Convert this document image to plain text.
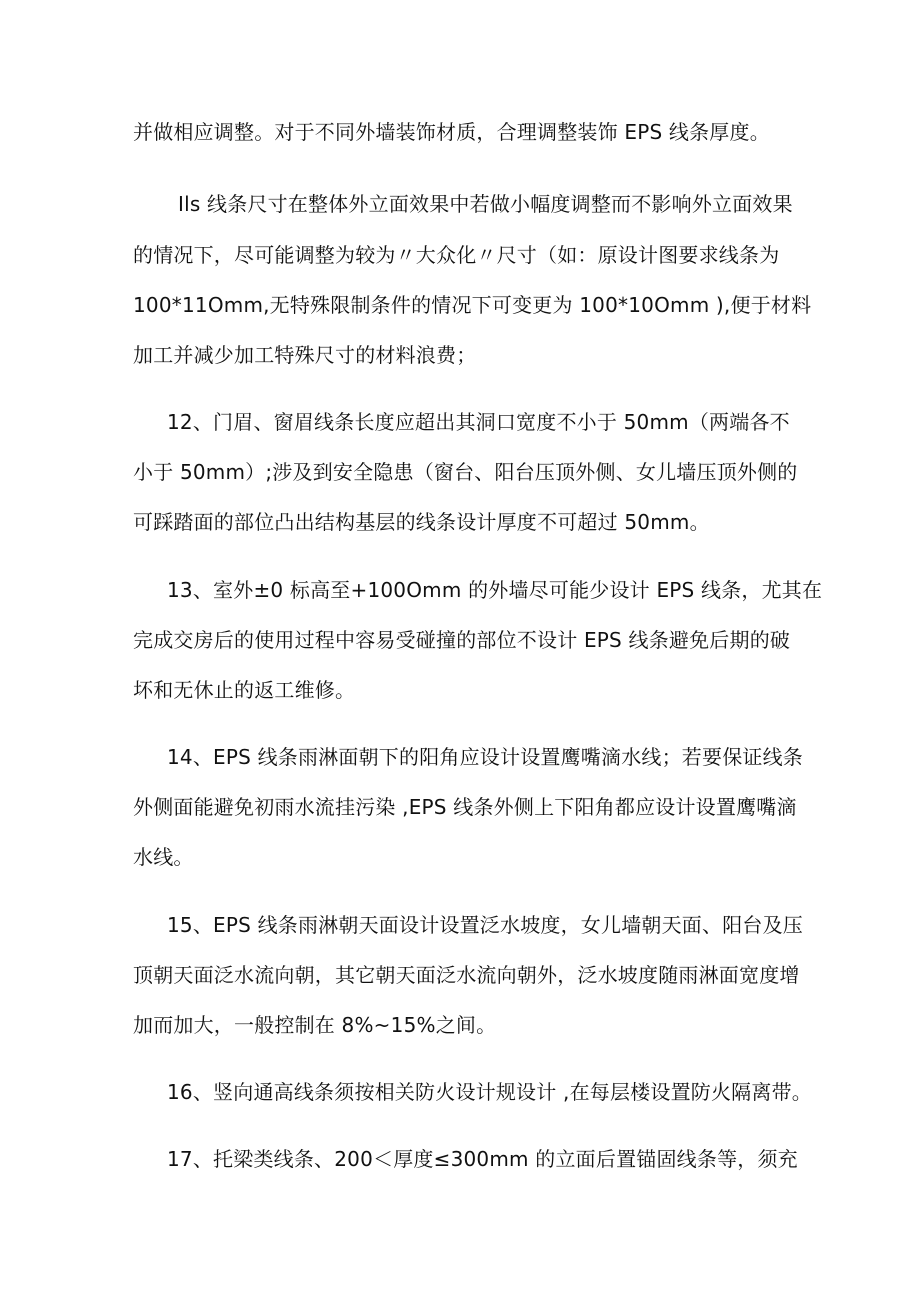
并做相应调整。对于不同外墙装饰材质，合理调整装饰 EPS 线条厚度。
Ils 线条尺寸在整体外立面效果中若做小幅度调整而不影响外立面效果
的情况下，尽可能调整为较为〃大众化〃尺寸（如：原设计图要求线条为
100*11Omm,无特殊限制条件的情况下可变更为 100*10Omm ),便于材料
加工并减少加工特殊尺寸的材料浪费；
12、门眉、窗眉线条长度应超出其洞口宽度不小于 50mm（两端各不
小于 50mm）;涉及到安全隐患（窗台、阳台压顶外侧、女儿墙压顶外侧的
可踩踏面的部位凸出结构基层的线条设计厚度不可超过 50mm。
13、室外±0 标高至+100Omm 的外墙尽可能少设计 EPS 线条，尤其在
完成交房后的使用过程中容易受碰撞的部位不设计 EPS 线条避免后期的破
坏和无休止的返工维修。
14、EPS 线条雨淋面朝下的阳角应设计设置鹰嘴滴水线；若要保证线条
外侧面能避免初雨水流挂污染 ,EPS 线条外侧上下阳角都应设计设置鹰嘴滴
水线。
15、EPS 线条雨淋朝天面设计设置泛水坡度，女儿墙朝天面、阳台及压
顶朝天面泛水流向朝，其它朝天面泛水流向朝外，泛水坡度随雨淋面宽度增
加而加大，一般控制在 8%~15%之间。
16、竖向通高线条须按相关防火设计规设计 ,在每层楼设置防火隔离带。
17、托梁类线条、200＜厚度≤300mm 的立面后置锚固线条等，须充
